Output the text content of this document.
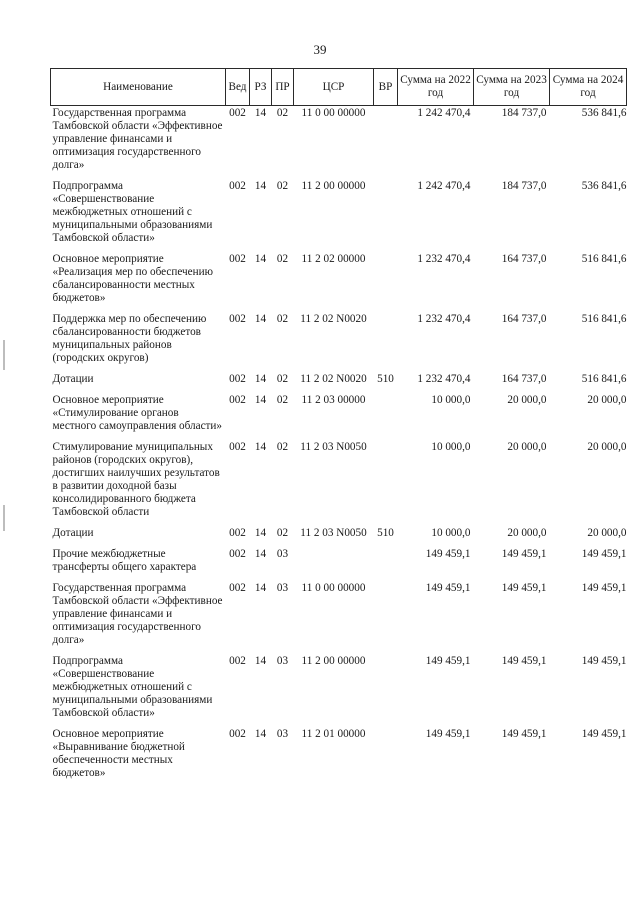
39
Наименование	Вед	РЗ	ПР	ЦСР	ВР	Сумма на 2022 год	Сумма на 2023 год	Сумма на 2024 год
Государственная программа Тамбовской области «Эффективное управление финансами и оптимизация государственного долга»	002	14	02	11 0 00 00000		1 242 470,4	184 737,0	536 841,6
Подпрограмма «Совершенствование межбюджетных отношений с муниципальными образованиями Тамбовской области»	002	14	02	11 2 00 00000		1 242 470,4	184 737,0	536 841,6
Основное мероприятие «Реализация мер по обеспечению сбалансированности местных бюджетов»	002	14	02	11 2 02 00000		1 232 470,4	164 737,0	516 841,6
Поддержка мер по обеспечению сбалансированности бюджетов муниципальных районов (городских округов)	002	14	02	11 2 02 N0020		1 232 470,4	164 737,0	516 841,6
Дотации	002	14	02	11 2 02 N0020	510	1 232 470,4	164 737,0	516 841,6
Основное мероприятие «Стимулирование органов местного самоуправления области»	002	14	02	11 2 03 00000		10 000,0	20 000,0	20 000,0
Стимулирование муниципальных районов (городских округов), достигших наилучших результатов в развитии доходной базы консолидированного бюджета Тамбовской области	002	14	02	11 2 03 N0050		10 000,0	20 000,0	20 000,0
Дотации	002	14	02	11 2 03 N0050	510	10 000,0	20 000,0	20 000,0
Прочие межбюджетные трансферты общего характера	002	14	03			149 459,1	149 459,1	149 459,1
Государственная программа Тамбовской области «Эффективное управление финансами и оптимизация государственного долга»	002	14	03	11 0 00 00000		149 459,1	149 459,1	149 459,1
Подпрограмма «Совершенствование межбюджетных отношений с муниципальными образованиями Тамбовской области»	002	14	03	11 2 00 00000		149 459,1	149 459,1	149 459,1
Основное мероприятие «Выравнивание бюджетной обеспеченности местных бюджетов»	002	14	03	11 2 01 00000		149 459,1	149 459,1	149 459,1
